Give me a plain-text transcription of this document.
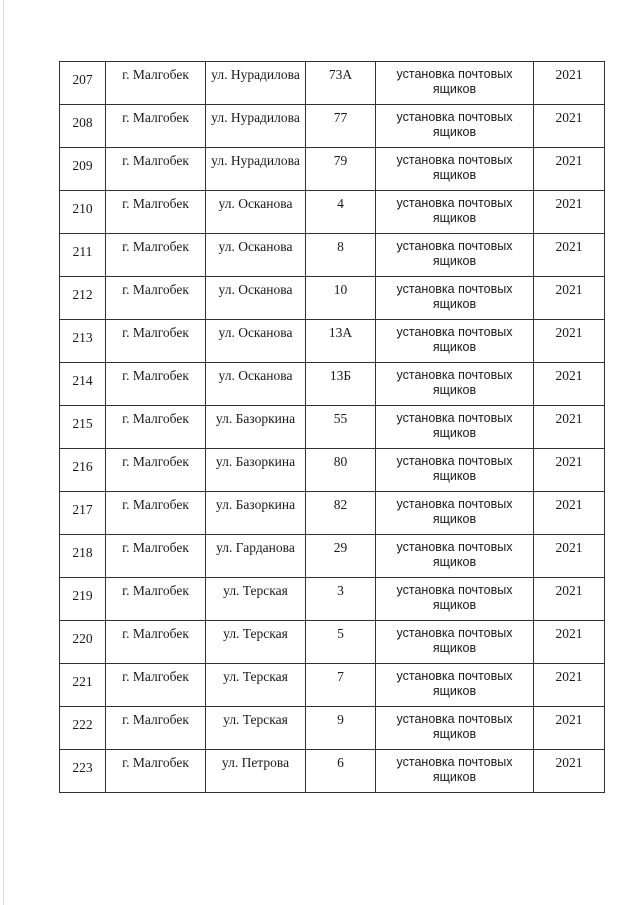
207	г. Малгобек	ул. Нурадилова	73А	установка почтовых ящиков	2021

208	г. Малгобек	ул. Нурадилова	77	установка почтовых ящиков	2021

209	г. Малгобек	ул. Нурадилова	79	установка почтовых ящиков	2021

210	г. Малгобек	ул. Осканова	4	установка почтовых ящиков	2021

211	г. Малгобек	ул. Осканова	8	установка почтовых ящиков	2021

212	г. Малгобек	ул. Осканова	10	установка почтовых ящиков	2021

213	г. Малгобек	ул. Осканова	13А	установка почтовых ящиков	2021

214	г. Малгобек	ул. Осканова	13Б	установка почтовых ящиков	2021

215	г. Малгобек	ул. Базоркина	55	установка почтовых ящиков	2021

216	г. Малгобек	ул. Базоркина	80	установка почтовых ящиков	2021

217	г. Малгобек	ул. Базоркина	82	установка почтовых ящиков	2021

218	г. Малгобек	ул. Гарданова	29	установка почтовых ящиков	2021

219	г. Малгобек	ул. Терская	3	установка почтовых ящиков	2021

220	г. Малгобек	ул. Терская	5	установка почтовых ящиков	2021

221	г. Малгобек	ул. Терская	7	установка почтовых ящиков	2021

222	г. Малгобек	ул. Терская	9	установка почтовых ящиков	2021

223	г. Малгобек	ул. Петрова	6	установка почтовых ящиков	2021
